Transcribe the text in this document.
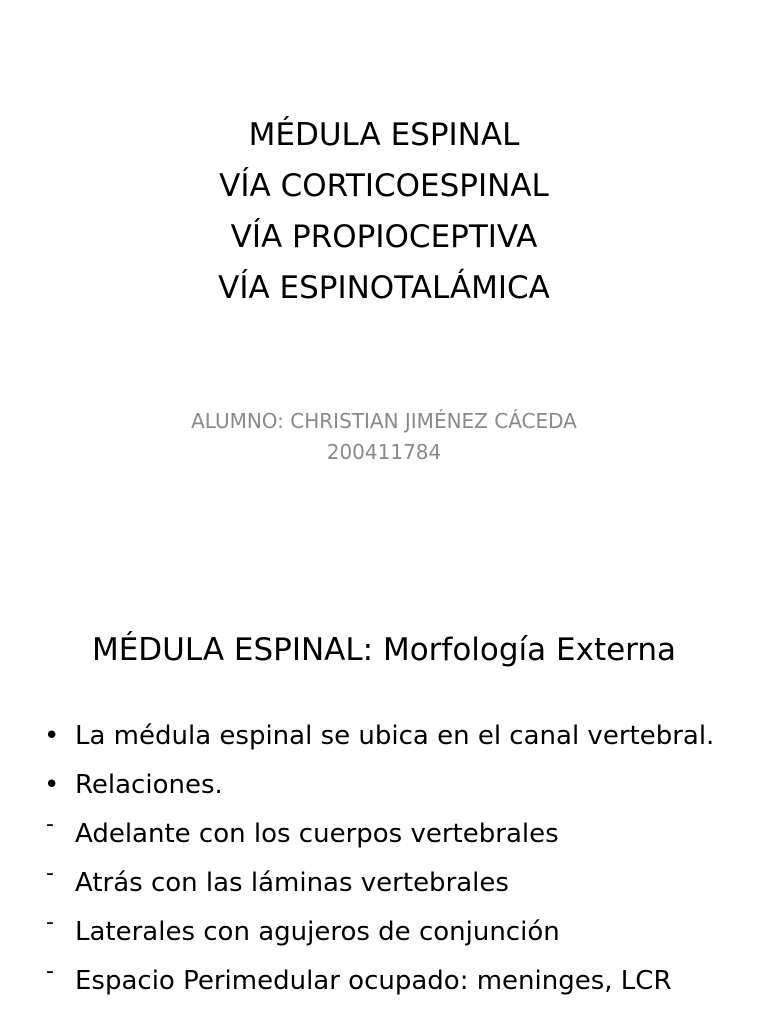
MÉDULA ESPINAL
VÍA CORTICOESPINAL
VÍA PROPIOCEPTIVA
VÍA ESPINOTALÁMICA
ALUMNO: CHRISTIAN JIMÉNEZ CÁCEDA
200411784
MÉDULA ESPINAL: Morfología Externa
• La médula espinal se ubica en el canal vertebral.
• Relaciones.
- Adelante con los cuerpos vertebrales
- Atrás con las láminas vertebrales
- Laterales con agujeros de conjunción
- Espacio Perimedular ocupado: meninges, LCR
